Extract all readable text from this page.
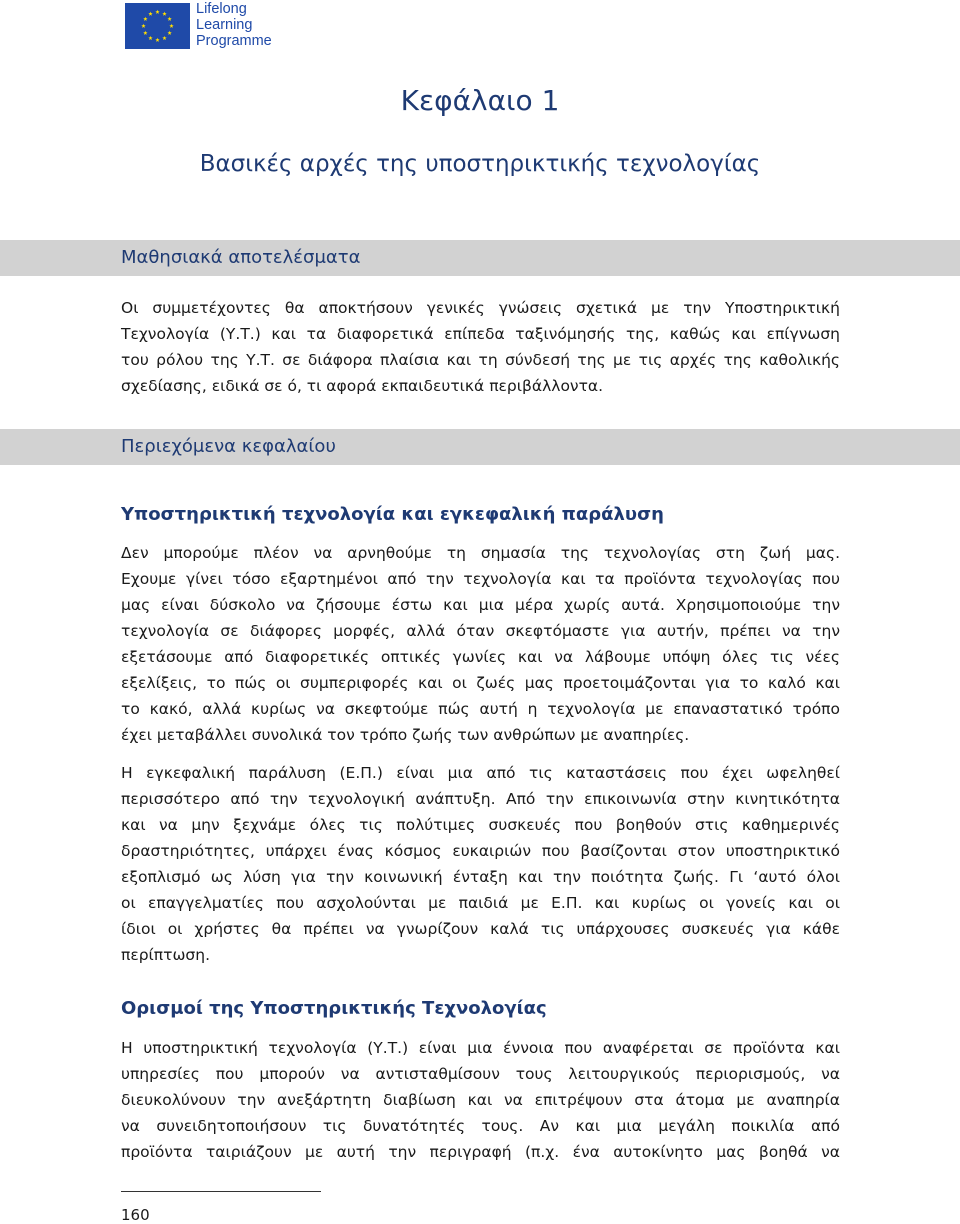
Lifelong
Learning
Programme
Κεφάλαιο 1
Βασικές αρχές της υποστηρικτικής τεχνολογίας
Μαθησιακά αποτελέσματα
Οι συμμετέχοντες θα αποκτήσουν γενικές γνώσεις σχετικά με την Υποστηρικτική
Τεχνολογία (Υ.Τ.) και τα διαφορετικά επίπεδα ταξινόμησής της, καθώς και επίγνωση
του ρόλου της Υ.Τ. σε διάφορα πλαίσια και τη σύνδεσή της με τις αρχές της καθολικής
σχεδίασης, ειδικά σε ό, τι αφορά εκπαιδευτικά περιβάλλοντα.
Περιεχόμενα κεφαλαίου
Υποστηρικτική τεχνολογία και εγκεφαλική παράλυση
Δεν μπορούμε πλέον να αρνηθούμε τη σημασία της τεχνολογίας στη ζωή μας.
Εχουμε γίνει τόσο εξαρτημένοι από την τεχνολογία και τα προϊόντα τεχνολογίας που
μας είναι δύσκολο να ζήσουμε έστω και μια μέρα χωρίς αυτά. Χρησιμοποιούμε την
τεχνολογία σε διάφορες μορφές, αλλά όταν σκεφτόμαστε για αυτήν, πρέπει να την
εξετάσουμε από διαφορετικές οπτικές γωνίες και να λάβουμε υπόψη όλες τις νέες
εξελίξεις, το πώς οι συμπεριφορές και οι ζωές μας προετοιμάζονται για το καλό και
το κακό, αλλά κυρίως να σκεφτούμε πώς αυτή η τεχνολογία με επαναστατικό τρόπο
έχει μεταβάλλει συνολικά τον τρόπο ζωής των ανθρώπων με αναπηρίες.
Η εγκεφαλική παράλυση (Ε.Π.) είναι μια από τις καταστάσεις που έχει ωφεληθεί
περισσότερο από την τεχνολογική ανάπτυξη. Από την επικοινωνία στην κινητικότητα
και να μην ξεχνάμε όλες τις πολύτιμες συσκευές που βοηθούν στις καθημερινές
δραστηριότητες, υπάρχει ένας κόσμος ευκαιριών που βασίζονται στον υποστηρικτικό
εξοπλισμό ως λύση για την κοινωνική ένταξη και την ποιότητα ζωής. Γι ‘αυτό όλοι
οι επαγγελματίες που ασχολούνται με παιδιά με Ε.Π. και κυρίως οι γονείς και οι
ίδιοι οι χρήστες θα πρέπει να γνωρίζουν καλά τις υπάρχουσες συσκευές για κάθε
περίπτωση.
Ορισμοί της Υποστηρικτικής Τεχνολογίας
Η υποστηρικτική τεχνολογία (Υ.Τ.) είναι μια έννοια που αναφέρεται σε προϊόντα και
υπηρεσίες που μπορούν να αντισταθμίσουν τους λειτουργικούς περιορισμούς, να
διευκολύνουν την ανεξάρτητη διαβίωση και να επιτρέψουν στα άτομα με αναπηρία
να συνειδητοποιήσουν τις δυνατότητές τους. Αν και μια μεγάλη ποικιλία από
προϊόντα ταιριάζουν με αυτή την περιγραφή (π.χ. ένα αυτοκίνητο μας βοηθά να
160
